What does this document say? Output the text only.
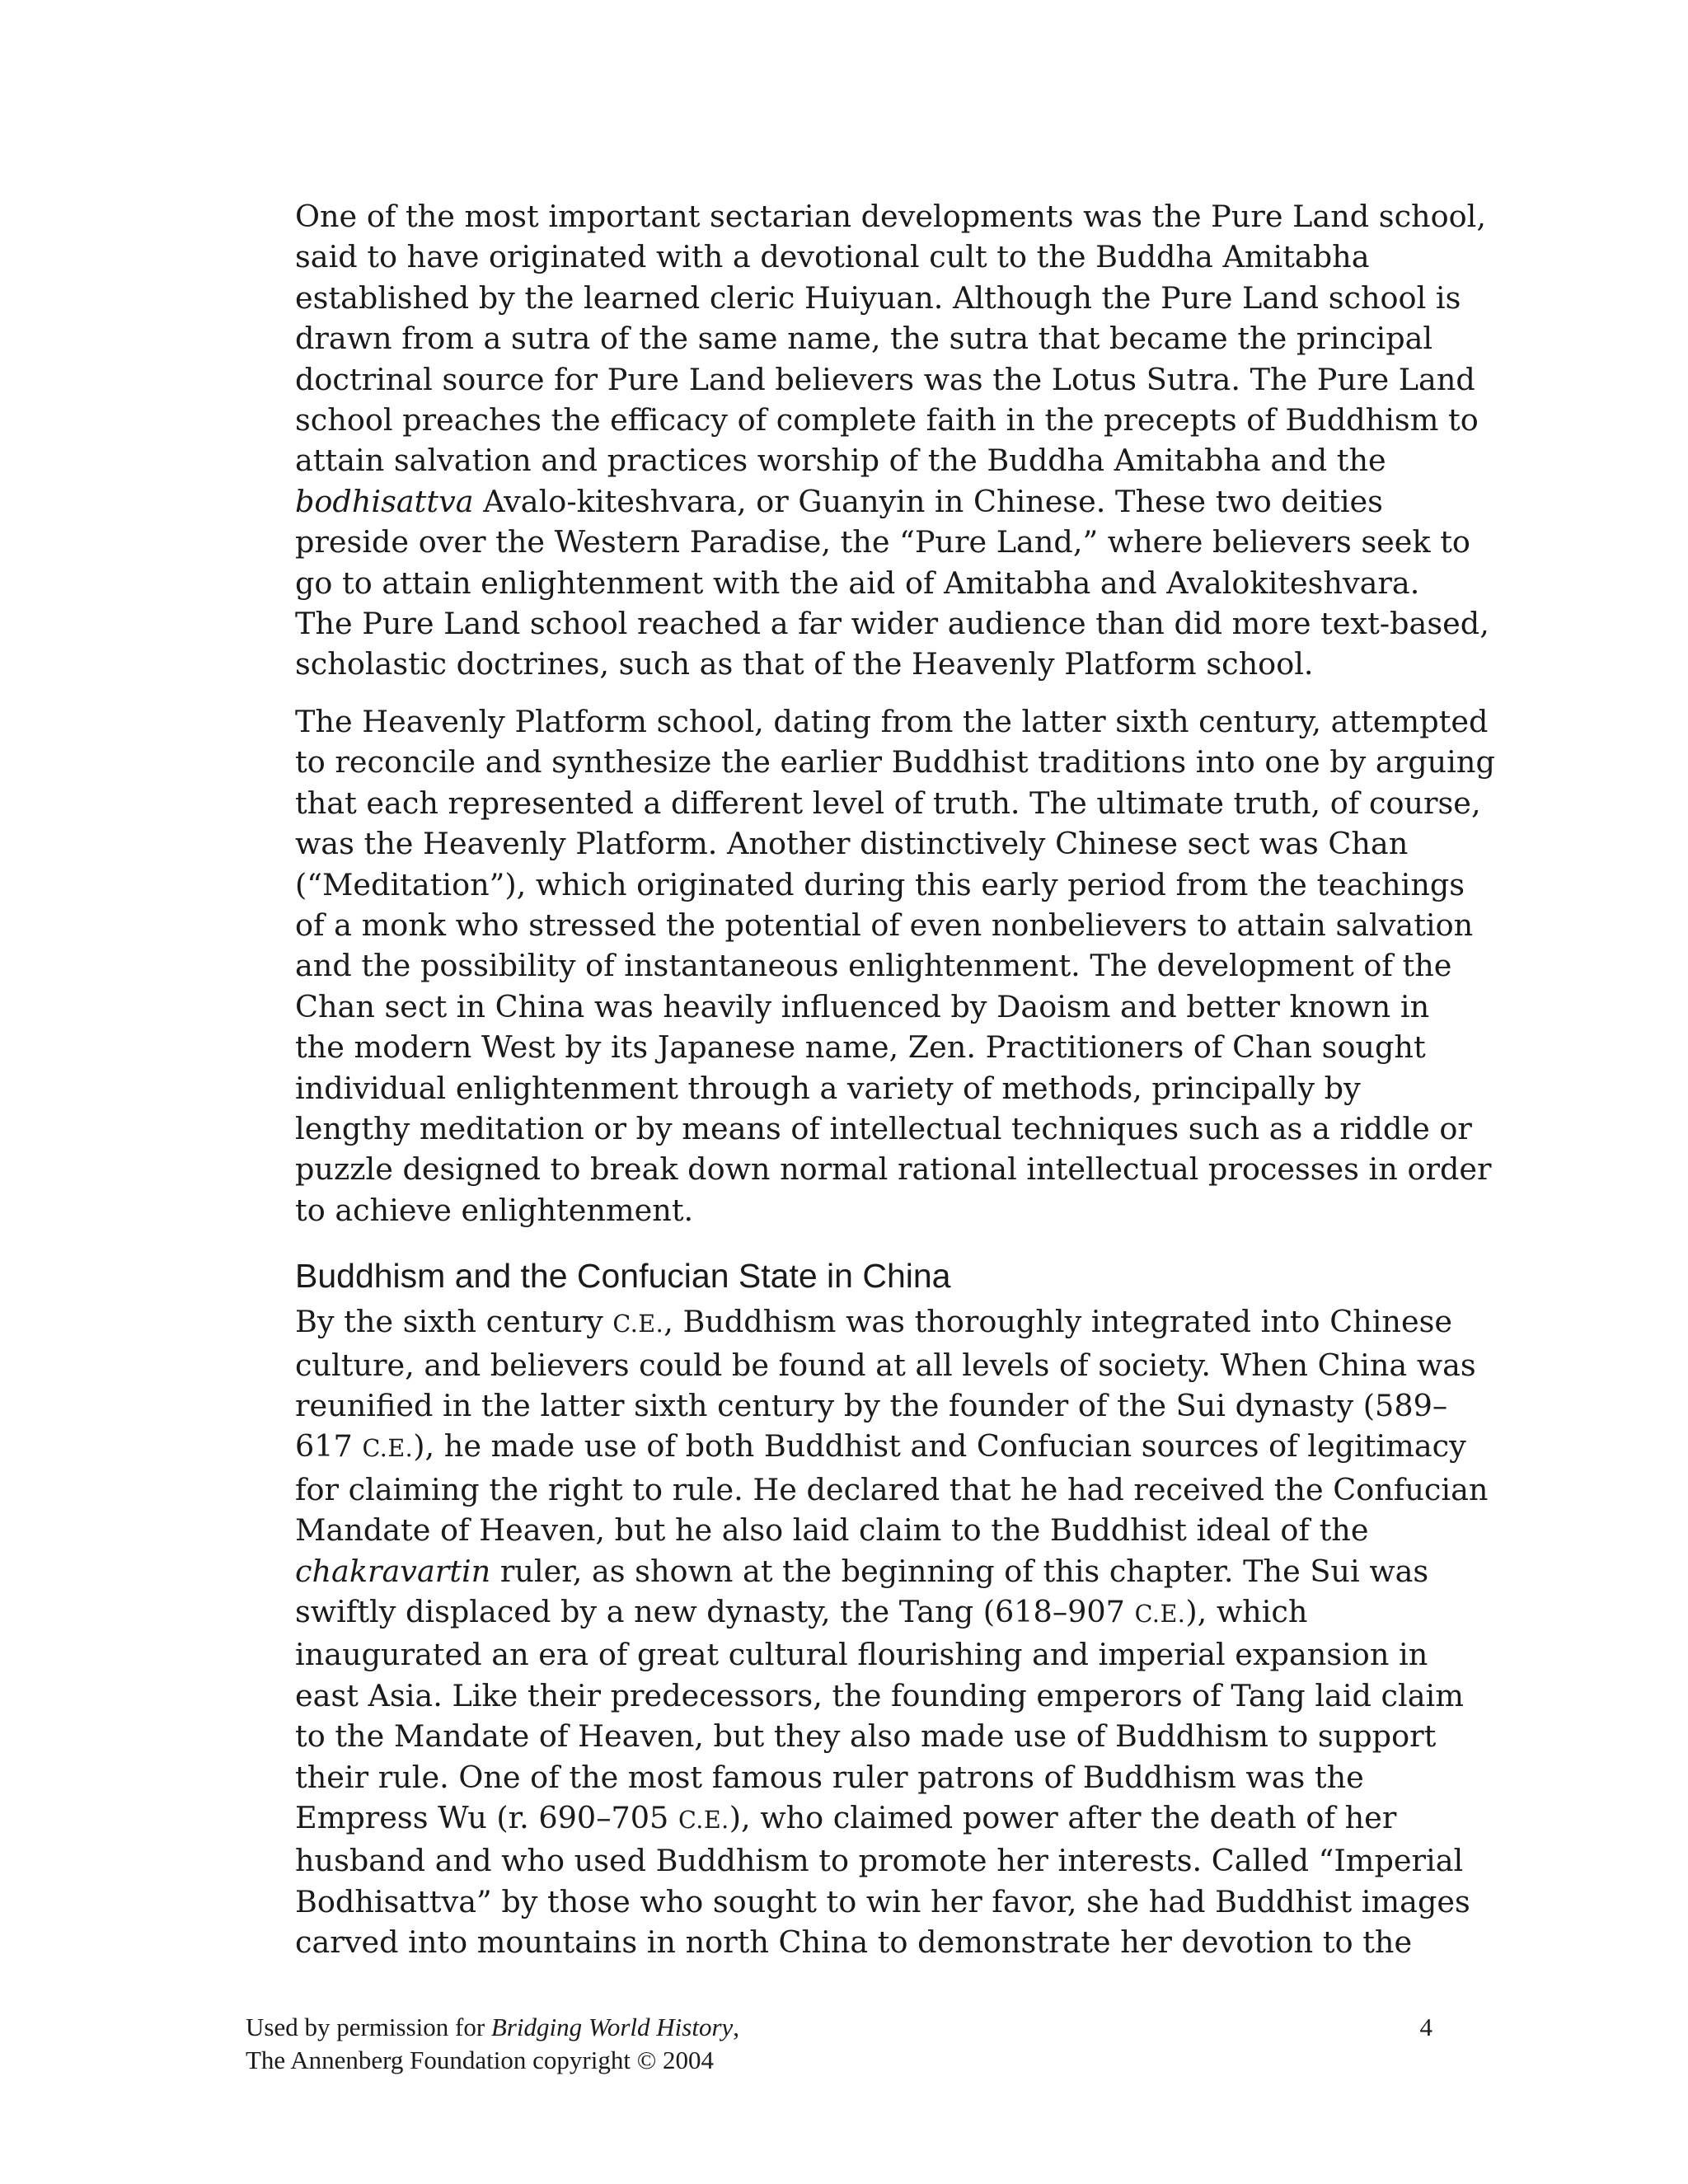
One of the most important sectarian developments was the Pure Land school,
said to have originated with a devotional cult to the Buddha Amitabha
established by the learned cleric Huiyuan. Although the Pure Land school is
drawn from a sutra of the same name, the sutra that became the principal
doctrinal source for Pure Land believers was the Lotus Sutra. The Pure Land
school preaches the efficacy of complete faith in the precepts of Buddhism to
attain salvation and practices worship of the Buddha Amitabha and the
bodhisattva Avalo-kiteshvara, or Guanyin in Chinese. These two deities
preside over the Western Paradise, the “Pure Land,” where believers seek to
go to attain enlightenment with the aid of Amitabha and Avalokiteshvara.
The Pure Land school reached a far wider audience than did more text-based,
scholastic doctrines, such as that of the Heavenly Platform school.

The Heavenly Platform school, dating from the latter sixth century, attempted
to reconcile and synthesize the earlier Buddhist traditions into one by arguing
that each represented a different level of truth. The ultimate truth, of course,
was the Heavenly Platform. Another distinctively Chinese sect was Chan
(“Meditation”), which originated during this early period from the teachings
of a monk who stressed the potential of even nonbelievers to attain salvation
and the possibility of instantaneous enlightenment. The development of the
Chan sect in China was heavily influenced by Daoism and better known in
the modern West by its Japanese name, Zen. Practitioners of Chan sought
individual enlightenment through a variety of methods, principally by
lengthy meditation or by means of intellectual techniques such as a riddle or
puzzle designed to break down normal rational intellectual processes in order
to achieve enlightenment.

Buddhism and the Confucian State in China

By the sixth century C.E., Buddhism was thoroughly integrated into Chinese
culture, and believers could be found at all levels of society. When China was
reunified in the latter sixth century by the founder of the Sui dynasty (589–
617 C.E.), he made use of both Buddhist and Confucian sources of legitimacy
for claiming the right to rule. He declared that he had received the Confucian
Mandate of Heaven, but he also laid claim to the Buddhist ideal of the
chakravartin ruler, as shown at the beginning of this chapter. The Sui was
swiftly displaced by a new dynasty, the Tang (618–907 C.E.), which
inaugurated an era of great cultural flourishing and imperial expansion in
east Asia. Like their predecessors, the founding emperors of Tang laid claim
to the Mandate of Heaven, but they also made use of Buddhism to support
their rule. One of the most famous ruler patrons of Buddhism was the
Empress Wu (r. 690–705 C.E.), who claimed power after the death of her
husband and who used Buddhism to promote her interests. Called “Imperial
Bodhisattva” by those who sought to win her favor, she had Buddhist images
carved into mountains in north China to demonstrate her devotion to the

Used by permission for Bridging World History,
The Annenberg Foundation copyright © 2004
4
